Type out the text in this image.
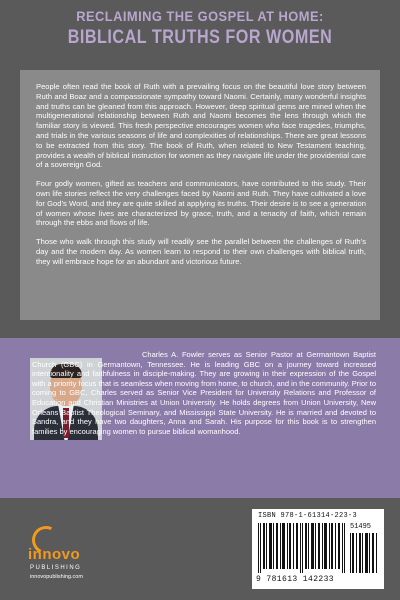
RECLAIMING THE GOSPEL AT HOME:
BIBLICAL TRUTHS FOR WOMEN

People often read the book of Ruth with a prevailing focus on the beautiful love story between Ruth and Boaz and a compassionate sympathy toward Naomi. Certainly, many wonderful insights and truths can be gleaned from this approach. However, deep spiritual gems are mined when the multigenerational relationship between Ruth and Naomi becomes the lens through which the familiar story is viewed. This fresh perspective encourages women who face tragedies, triumphs, and trials in the various seasons of life and complexities of relationships. There are great lessons to be extracted from this story. The book of Ruth, when related to New Testament teaching, provides a wealth of biblical instruction for women as they navigate life under the providential care of a sovereign God.

Four godly women, gifted as teachers and communicators, have contributed to this study. Their own life stories reflect the very challenges faced by Naomi and Ruth. They have cultivated a love for God’s Word, and they are quite skilled at applying its truths. Their desire is to see a generation of women whose lives are characterized by grace, truth, and a tenacity of faith, which remain through the ebbs and flows of life.

Those who walk through this study will readily see the parallel between the challenges of Ruth’s day and the modern day. As women learn to respond to their own challenges with biblical truth, they will embrace hope for an abundant and victorious future.

Charles A. Fowler serves as Senior Pastor at Germantown Baptist Church (GBC) in Germantown, Tennessee. He is leading GBC on a journey toward increased intentionality and faithfulness in disciple-making. They are growing in their expression of the Gospel with a priority focus that is seamless when moving from home, to church, and in the community. Prior to coming to GBC, Charles served as Senior Vice President for University Relations and Professor of Education and Christian Ministries at Union University. He holds degrees from Union University, New Orleans Baptist Theological Seminary, and Mississippi State University. He is married and devoted to Sandra, and they have two daughters, Anna and Sarah. His purpose for this book is to strengthen families by encouraging women to pursue biblical womanhood.
innovo
PUBLISHING
innovopublishing.com
ISBN 978-1-61314-223-3
51495
9 781613 142233
